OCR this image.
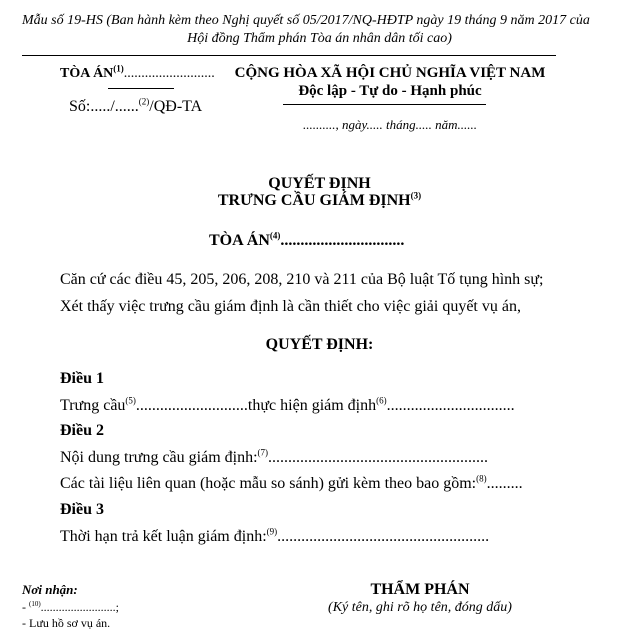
Mẫu số 19-HS (Ban hành kèm theo Nghị quyết số 05/2017/NQ-HĐTP ngày 19 tháng 9 năm 2017 của
Hội đồng Thẩm phán Tòa án nhân dân tối cao)
TÒA ÁN$^{(1)}$..........................
Số:...../......$^{(2)}$/QĐ-TA
CỘNG HÒA XÃ HỘI CHỦ NGHĨA VIỆT NAM
Độc lập - Tự do - Hạnh phúc
.........., ngày..... tháng..... năm......
QUYẾT ĐỊNH
TRƯNG CẦU GIÁM ĐỊNH$^{(3)}$
TÒA ÁN$^{(4)}$...............................
Căn cứ các điều 45, 205, 206, 208, 210 và 211 của Bộ luật Tố tụng hình sự;
Xét thấy việc trưng cầu giám định là cần thiết cho việc giải quyết vụ án,
QUYẾT ĐỊNH:
Điều 1
Trưng cầu$^{(5)}$............................thực hiện giám định$^{(6)}$................................
Điều 2
Nội dung trưng cầu giám định:$^{(7)}$.......................................................
Các tài liệu liên quan (hoặc mẫu so sánh) gửi kèm theo bao gồm:$^{(8)}$.........
Điều 3
Thời hạn trả kết luận giám định:$^{(9)}$.....................................................
Nơi nhận:
- $^{(10)}$.........................;
- Lưu hồ sơ vụ án.
THẨM PHÁN
(Ký tên, ghi rõ họ tên, đóng dấu)
